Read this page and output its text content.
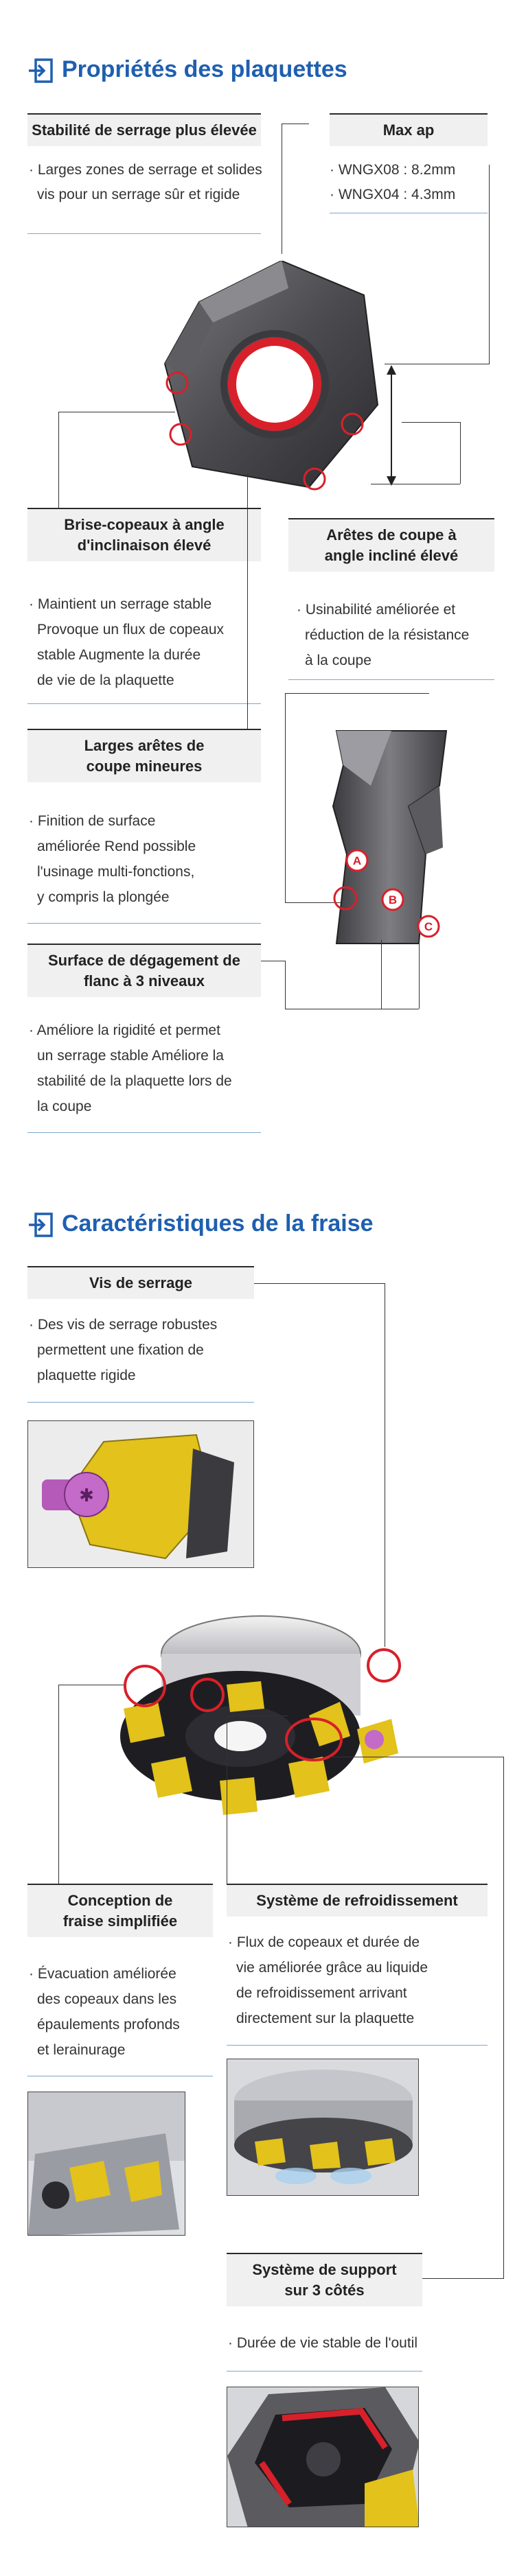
Propriétés des plaquettes
Stabilité de serrage plus élevée
· Larges zones de serrage et solides
vis pour un serrage sûr et rigide
Max ap
· WNGX08 : 8.2mm
· WNGX04 : 4.3mm
Brise-copeaux à angle
d'inclinaison élevé
· Maintient un serrage stable
Provoque un flux de copeaux
stable Augmente la durée
de vie de la plaquette
Arêtes de coupe à
angle incliné élevé
· Usinabilité améliorée et
réduction de la résistance
à la coupe
Larges arêtes de
coupe mineures
· Finition de surface
améliorée Rend possible
l'usinage multi-fonctions,
y compris la plongée
A
B
C
Surface de dégagement de
flanc à 3 niveaux
· Améliore la rigidité et permet
un serrage stable Améliore la
stabilité de la plaquette lors de
la coupe
Caractéristiques de la fraise
Vis de serrage
· Des vis de serrage robustes
permettent une fixation de
plaquette rigide
✱
Conception de
fraise simplifiée
· Évacuation améliorée
des copeaux dans les
épaulements profonds
et lerainurage
Système de refroidissement
· Flux de copeaux et durée de
vie améliorée grâce au liquide
de refroidissement arrivant
directement sur la plaquette
Système de support
sur 3 côtés
· Durée de vie stable de l'outil
